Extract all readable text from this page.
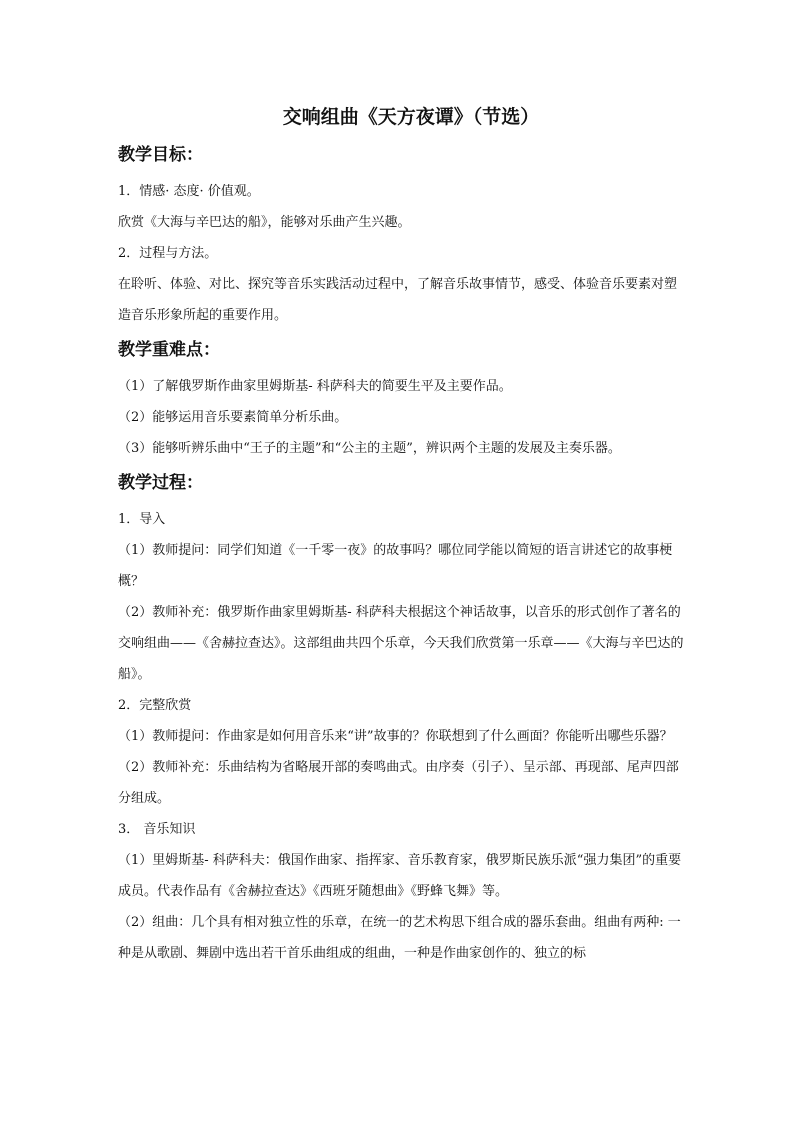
交响组曲《天方夜谭》（节选）
教学目标：

1．情感· 态度· 价值观。

欣赏《大海与辛巴达的船》，能够对乐曲产生兴趣。

2．过程与方法。

在聆听、体验、对比、探究等音乐实践活动过程中，了解音乐故事情节，感受、体验音乐要素对塑造音乐形象所起的重要作用。

教学重难点：

（1）了解俄罗斯作曲家里姆斯基- 科萨科夫的简要生平及主要作品。

（2）能够运用音乐要素简单分析乐曲。

（3）能够听辨乐曲中“王子的主题”和“公主的主题”，辨识两个主题的发展及主奏乐器。

教学过程：

1．导入

（1）教师提问：同学们知道《一千零一夜》的故事吗？哪位同学能以简短的语言讲述它的故事梗概？

（2）教师补充：俄罗斯作曲家里姆斯基- 科萨科夫根据这个神话故事，以音乐的形式创作了著名的交响组曲——《舍赫拉查达》。这部组曲共四个乐章，今天我们欣赏第一乐章——《大海与辛巴达的船》。

2．完整欣赏

（1）教师提问：作曲家是如何用音乐来“讲”故事的？你联想到了什么画面？你能听出哪些乐器？

（2）教师补充：乐曲结构为省略展开部的奏鸣曲式。由序奏（引子）、呈示部、再现部、尾声四部分组成。

3． 音乐知识

（1）里姆斯基- 科萨科夫：俄国作曲家、指挥家、音乐教育家，俄罗斯民族乐派“强力集团”的重要成员。代表作品有《舍赫拉查达》《西班牙随想曲》《野蜂飞舞》等。

（2）组曲：几个具有相对独立性的乐章，在统一的艺术构思下组合成的器乐套曲。组曲有两种: 一种是从歌剧、舞剧中选出若干首乐曲组成的组曲，一种是作曲家创作的、独立的标
